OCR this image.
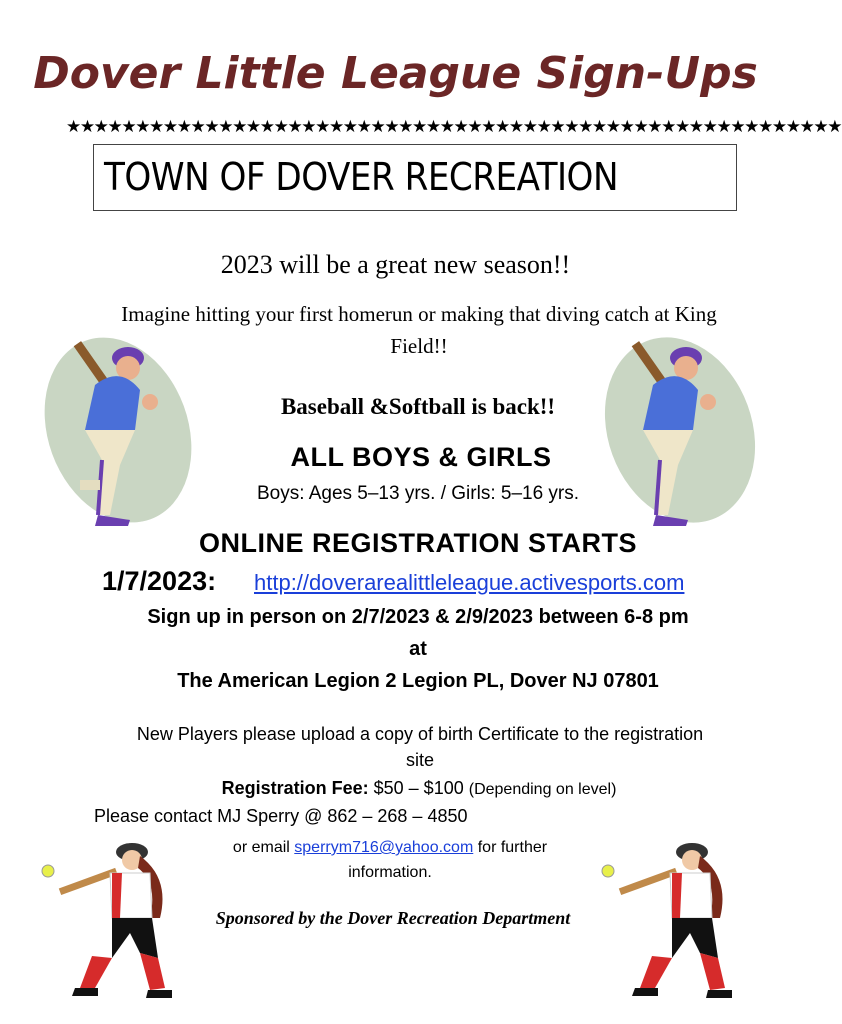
Dover Little League Sign-Ups
★★★★★★★★★★★★★★★★★★★★★★★★★★★★★★★★★★★★★★★★★★★★★★★★★★★★★★★★
TOWN OF DOVER RECREATION
2023 will be a great new season!!
Imagine hitting your first homerun or making that diving catch at King Field!!
Baseball &Softball is back!!
ALL BOYS & GIRLS
Boys: Ages 5–13 yrs. / Girls: 5–16 yrs.
ONLINE REGISTRATION STARTS
1/7/2023: http://doverarealittleleague.activesports.com
Sign up in person on 2/7/2023 & 2/9/2023 between 6-8 pm
at
The American Legion 2 Legion PL, Dover NJ 07801
New Players please upload a copy of birth Certificate to the registration site
Registration Fee: $50 – $100 (Depending on level)
Please contact MJ Sperry @ 862 – 268 – 4850
or email sperrym716@yahoo.com for further
information.
Sponsored by the Dover Recreation Department
